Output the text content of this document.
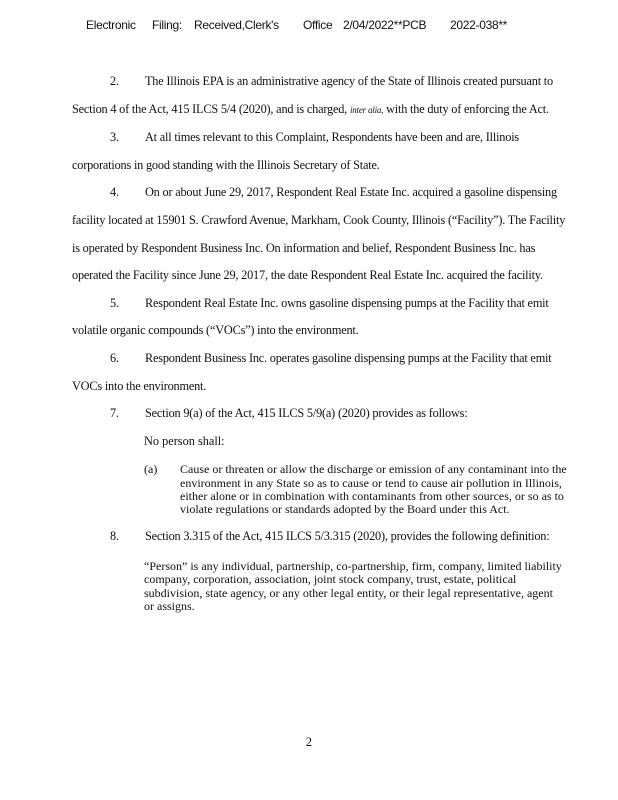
Electronic Filing: Received,Clerk's Office 2/04/2022**PCB 2022-038**

2. The Illinois EPA is an administrative agency of the State of Illinois created pursuant to Section 4 of the Act, 415 ILCS 5/4 (2020), and is charged, inter alia, with the duty of enforcing the Act.

3. At all times relevant to this Complaint, Respondents have been and are, Illinois corporations in good standing with the Illinois Secretary of State.

4. On or about June 29, 2017, Respondent Real Estate Inc. acquired a gasoline dispensing facility located at 15901 S. Crawford Avenue, Markham, Cook County, Illinois (“Facility”). The Facility is operated by Respondent Business Inc. On information and belief, Respondent Business Inc. has operated the Facility since June 29, 2017, the date Respondent Real Estate Inc. acquired the facility.

5. Respondent Real Estate Inc. owns gasoline dispensing pumps at the Facility that emit volatile organic compounds (“VOCs”) into the environment.

6. Respondent Business Inc. operates gasoline dispensing pumps at the Facility that emit VOCs into the environment.

7. Section 9(a) of the Act, 415 ILCS 5/9(a) (2020) provides as follows:

No person shall:

(a) Cause or threaten or allow the discharge or emission of any contaminant into the environment in any State so as to cause or tend to cause air pollution in Illinois, either alone or in combination with contaminants from other sources, or so as to violate regulations or standards adopted by the Board under this Act.

8. Section 3.315 of the Act, 415 ILCS 5/3.315 (2020), provides the following definition:

“Person” is any individual, partnership, co-partnership, firm, company, limited liability company, corporation, association, joint stock company, trust, estate, political subdivision, state agency, or any other legal entity, or their legal representative, agent or assigns.
2
